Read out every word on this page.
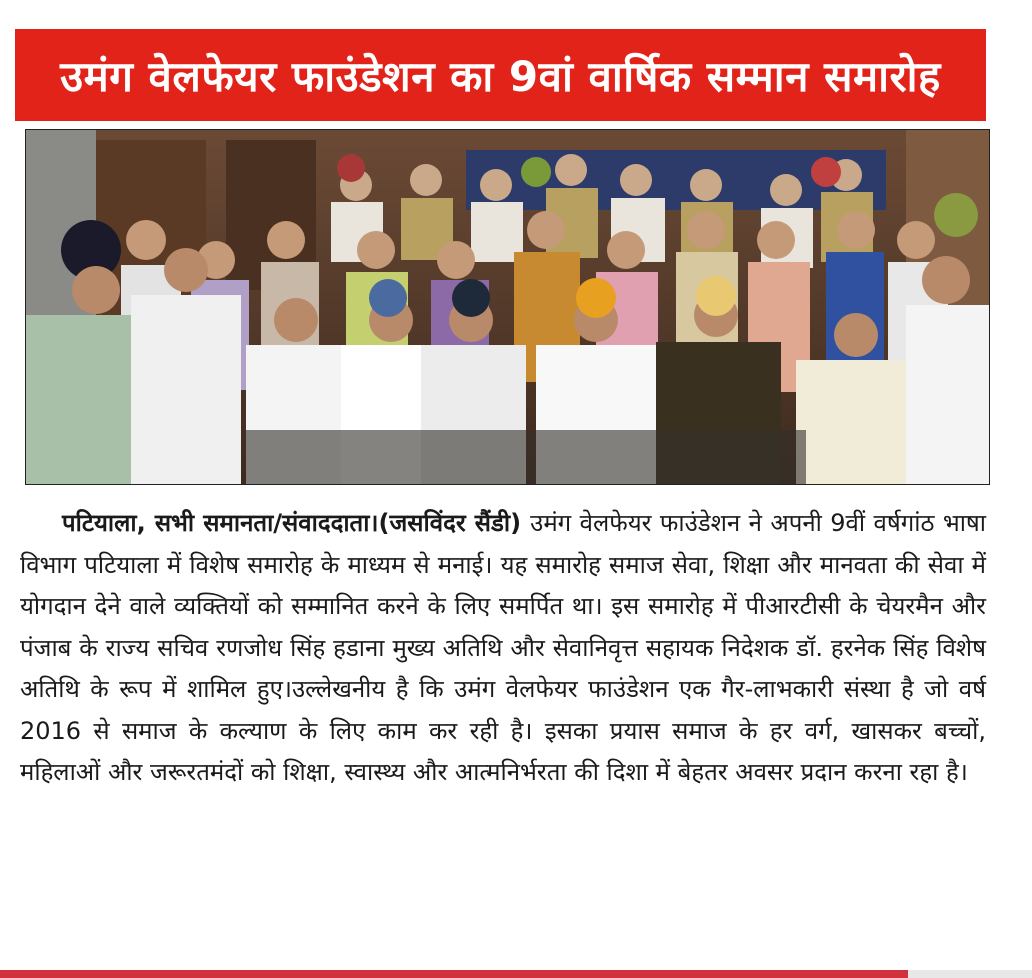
उमंग वेलफेयर फाउंडेशन का 9वां वार्षिक सम्मान समारोह
पटियाला, सभी समानता/संवाददाता।(जसविंदर सैंडी) उमंग वेलफेयर फाउंडेशन ने अपनी 9वीं वर्षगांठ भाषा विभाग पटियाला में विशेष समारोह के माध्यम से मनाई। यह समारोह समाज सेवा, शिक्षा और मानवता की सेवा में योगदान देने वाले व्यक्तियों को सम्मानित करने के लिए समर्पित था। इस समारोह में पीआरटीसी के चेयरमैन और पंजाब के राज्य सचिव रणजोध सिंह हडाना मुख्य अतिथि और सेवानिवृत्त सहायक निदेशक डॉ. हरनेक सिंह विशेष अतिथि के रूप में शामिल हुए।उल्लेखनीय है कि उमंग वेलफेयर फाउंडेशन एक गैर-लाभकारी संस्था है जो वर्ष 2016 से समाज के कल्याण के लिए काम कर रही है। इसका प्रयास समाज के हर वर्ग, खासकर बच्चों, महिलाओं और जरूरतमंदों को शिक्षा, स्वास्थ्य और आत्मनिर्भरता की दिशा में बेहतर अवसर प्रदान करना रहा है।
